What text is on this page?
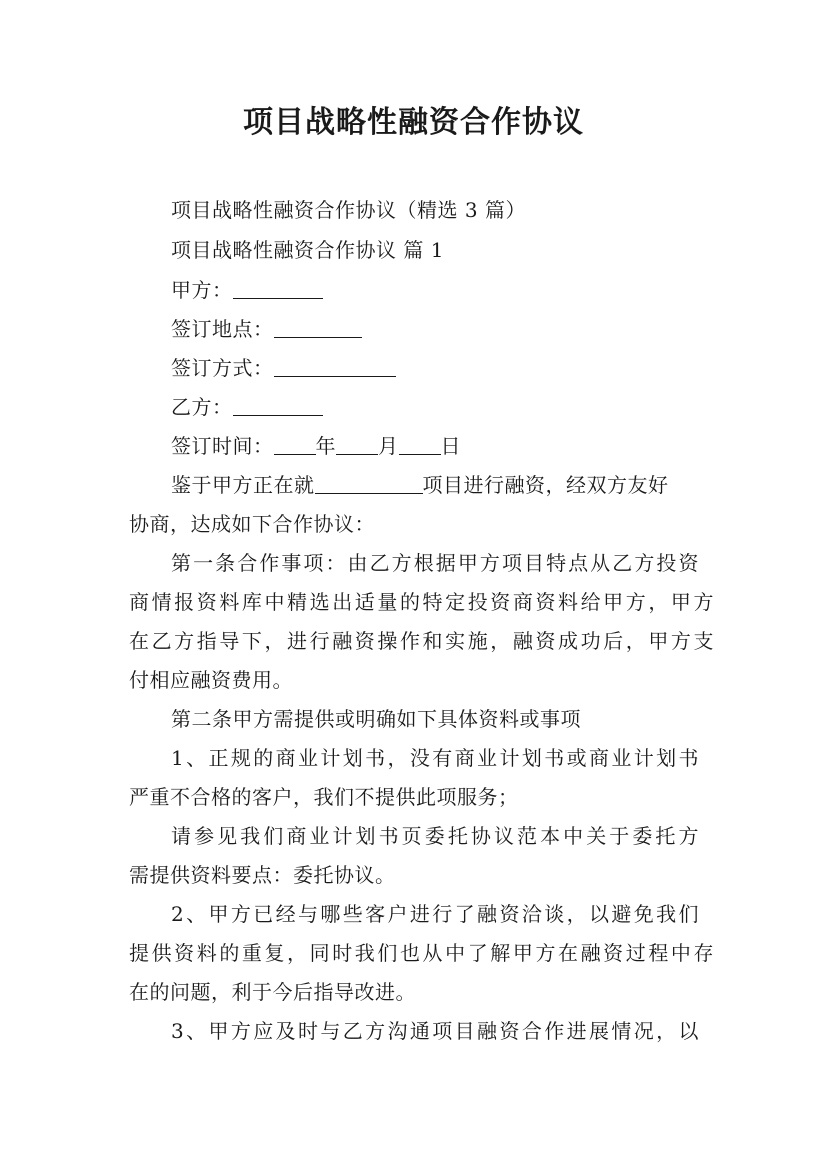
项目战略性融资合作协议
项目战略性融资合作协议（精选 3 篇）
项目战略性融资合作协议 篇 1
甲方：
签订地点：
签订方式：
乙方：
签订时间： 年 月 日
鉴于甲方正在就	项目进行融资，经双方友好
协商，达成如下合作协议：
第一条合作事项：由乙方根据甲方项目特点从乙方投资
商情报资料库中精选出适量的特定投资商资料给甲方，甲方
在乙方指导下，进行融资操作和实施，融资成功后，甲方支
付相应融资费用。
第二条甲方需提供或明确如下具体资料或事项
1、正规的商业计划书，没有商业计划书或商业计划书
严重不合格的客户，我们不提供此项服务；
请参见我们商业计划书页委托协议范本中关于委托方
需提供资料要点：委托协议。
2、甲方已经与哪些客户进行了融资洽谈，以避免我们
提供资料的重复，同时我们也从中了解甲方在融资过程中存
在的问题，利于今后指导改进。
3、甲方应及时与乙方沟通项目融资合作进展情况，以
